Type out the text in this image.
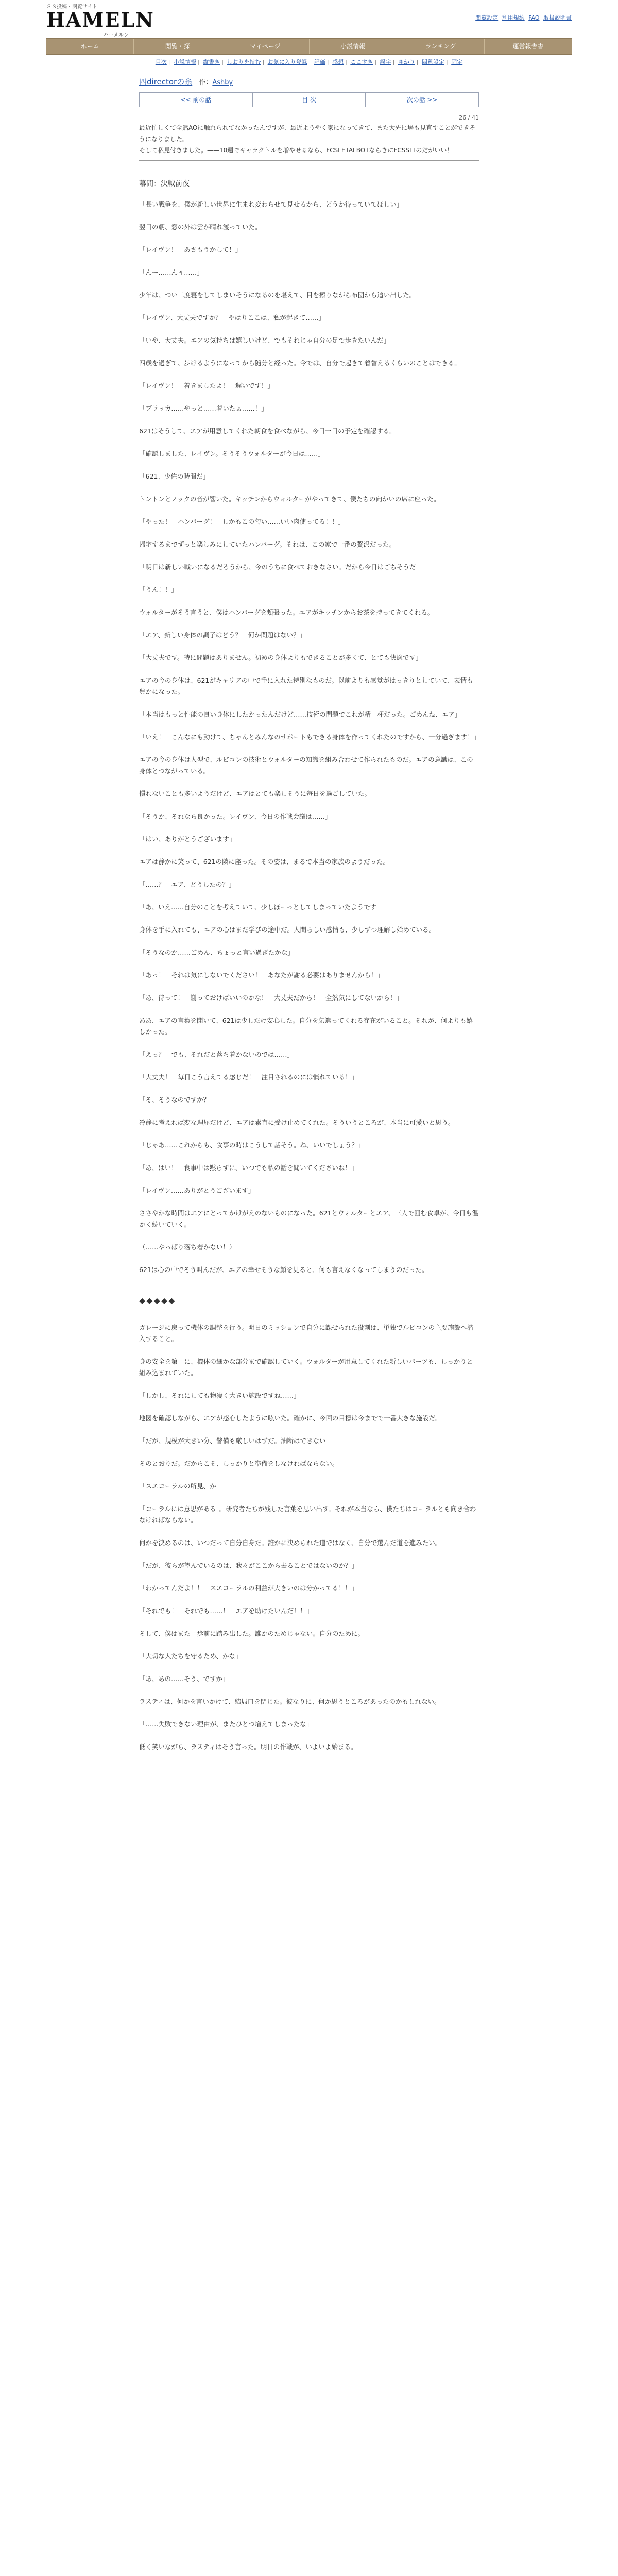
ＳＳ投稿・閲覧サイト
HAMELN
ハーメルン
閲覧設定 利用規約 FAQ 取扱説明書
ホーム	閲覧・探	マイページ	小説情報	ランキング	運営報告書
目次 | 小説情報 | 縦書き | しおりを挟む | お気に入り登録 | 評価 | 感想 | ここすき | 誤字 | ゆかり | 閲覧設定 | 固定
四directorの糸 作：Ashby
<< 前の話	目 次	次の話 >>
26 / 41

最近忙しくて全然AOに触れられてなかったんですが、最近ようやく家になってきて、また大先に場も見直すことができそうになりました。

そして私見付きました。——10週でキャラクトルを増やせるなら、FCSLETALBOTならきにFCSSLTのだがいい！

幕間：決戦前夜

「長い戦争を、僕が新しい世界に生まれ変わらせて見せるから、どうか待っていてほしい」

翌日の朝、窓の外は雲が晴れ渡っていた。

「レイヴン！　あさもうかして！」

「んー……んぅ……」

少年は、つい二度寝をしてしまいそうになるのを堪えて、目を擦りながら布団から這い出した。

「レイヴン、大丈夫ですか？　やはりここは、私が起きて……」

「いや、大丈夫。エアの気持ちは嬉しいけど、でもそれじゃ自分の足で歩きたいんだ」

四歳を過ぎて、歩けるようになってから随分と経った。今では、自分で起きて着替えるくらいのことはできる。

「レイヴン！　着きましたよ！　遅いです！」

「ブラッカ……やっと……着いたぁ……！」

621はそうして、エアが用意してくれた朝食を食べながら、今日一日の予定を確認する。

「確認しました、レイヴン。そうそうウォルターが今日は……」

「621、少佐の時間だ」

トントンとノックの音が響いた。キッチンからウォルターがやってきて、僕たちの向かいの席に座った。

「やった！　ハンバーグ！　しかもこの匂い……いい肉使ってる！！」

帰宅するまでずっと楽しみにしていたハンバーグ。それは、この家で一番の贅沢だった。

「明日は新しい戦いになるだろうから、今のうちに食べておきなさい。だから今日はごちそうだ」

「うん！！」

ウォルターがそう言うと、僕はハンバーグを頬張った。エアがキッチンからお茶を持ってきてくれる。

「エア、新しい身体の調子はどう？　何か問題はない？」

「大丈夫です。特に問題はありません。初めの身体よりもできることが多くて、とても快適です」

エアの今の身体は、621がキャリアの中で手に入れた特別なものだ。以前よりも感覚がはっきりとしていて、表情も豊かになった。

「本当はもっと性能の良い身体にしたかったんだけど……技術の問題でこれが精一杯だった。ごめんね、エア」

「いえ！　こんなにも動けて、ちゃんとみんなのサポートもできる身体を作ってくれたのですから、十分過ぎます！」

エアの今の身体は人型で、ルビコンの技術とウォルターの知識を組み合わせて作られたものだ。エアの意識は、この身体とつながっている。

慣れないことも多いようだけど、エアはとても楽しそうに毎日を過ごしていた。

「そうか、それなら良かった。レイヴン、今日の作戦会議は……」

「はい、ありがとうございます」

エアは静かに笑って、621の隣に座った。その姿は、まるで本当の家族のようだった。

「……？　エア、どうしたの？」

「あ、いえ……自分のことを考えていて、少しぼーっとしてしまっていたようです」

身体を手に入れても、エアの心はまだ学びの途中だ。人間らしい感情も、少しずつ理解し始めている。

「そうなのか……ごめん、ちょっと言い過ぎたかな」

「あっ！　それは気にしないでください！　あなたが謝る必要はありませんから！」

「あ、待って！　謝っておけばいいのかな！　大丈夫だから！　全然気にしてないから！」

ああ、エアの言葉を聞いて、621は少しだけ安心した。自分を気遣ってくれる存在がいること。それが、何よりも嬉しかった。

「えっ？　でも、それだと落ち着かないのでは……」

「大丈夫！　毎日こう言えてる感じだ！　注目されるのには慣れている！」

「そ、そうなのですか？」

冷静に考えれば変な理屈だけど、エアは素直に受け止めてくれた。そういうところが、本当に可愛いと思う。

「じゃあ……これからも、食事の時はこうして話そう。ね、いいでしょう？」

「あ、はい！　食事中は黙らずに、いつでも私の話を聞いてくださいね！」

「レイヴン……ありがとうございます」

ささやかな時間はエアにとってかけがえのないものになった。621とウォルターとエア、三人で囲む食卓が、今日も温かく続いていく。

（……やっぱり落ち着かない！）

621は心の中でそう叫んだが、エアの幸せそうな顔を見ると、何も言えなくなってしまうのだった。

◆◆◆◆◆

ガレージに戻って機体の調整を行う。明日のミッションで自分に課せられた役割は、単独でルビコンの主要施設へ潜入すること。

身の安全を第一に、機体の細かな部分まで確認していく。ウォルターが用意してくれた新しいパーツも、しっかりと組み込まれていた。

「しかし、それにしても物凄く大きい施設ですね……」

地図を確認しながら、エアが感心したように呟いた。確かに、今回の目標は今までで一番大きな施設だ。

「だが、規模が大きい分、警備も厳しいはずだ。油断はできない」

そのとおりだ。だからこそ、しっかりと準備をしなければならない。

「スエコーラルの所見、か」

「コーラルには意思がある」。研究者たちが残した言葉を思い出す。それが本当なら、僕たちはコーラルとも向き合わなければならない。

何かを決めるのは、いつだって自分自身だ。誰かに決められた道ではなく、自分で選んだ道を進みたい。

「だが、彼らが望んでいるのは、我々がここから去ることではないのか？」

「わかってんだよ！！　スエコーラルの利益が大きいのは分かってる！！」

「それでも！　それでも……！　エアを助けたいんだ！！」

そして、僕はまた一歩前に踏み出した。誰かのためじゃない。自分のために。

「大切な人たちを守るため、かな」

「あ、あの……そう、ですか」

ラスティは、何かを言いかけて、結局口を閉じた。彼なりに、何か思うところがあったのかもしれない。

「……失敗できない理由が、またひとつ増えてしまったな」

低く笑いながら、ラスティはそう言った。明日の作戦が、いよいよ始まる。
